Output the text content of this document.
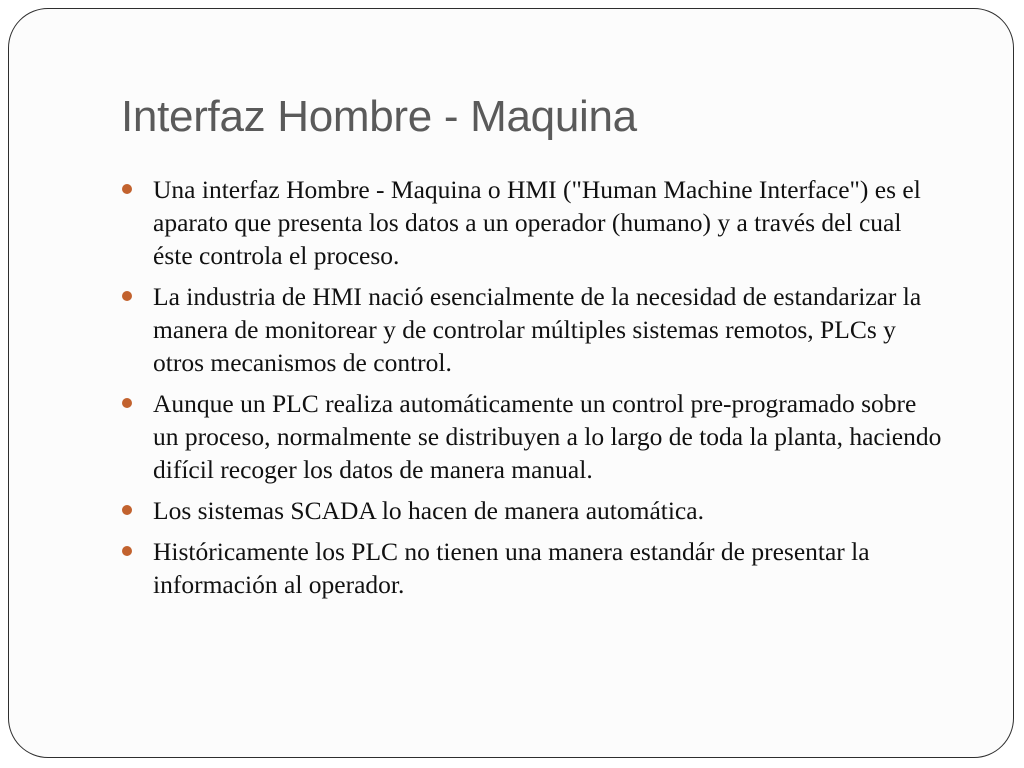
Interfaz Hombre - Maquina
Una interfaz Hombre - Maquina o HMI ("Human Machine Interface") es el aparato que presenta los datos a un operador (humano) y a través del cual éste controla el proceso.
La industria de HMI nació esencialmente de la necesidad de estandarizar la manera de monitorear y de controlar múltiples sistemas remotos, PLCs y otros mecanismos de control.
Aunque un PLC realiza automáticamente un control pre-programado sobre un proceso, normalmente se distribuyen a lo largo de toda la planta, haciendo difícil recoger los datos de manera manual.
Los sistemas SCADA lo hacen de manera automática.
Históricamente los PLC no tienen una manera estandár de presentar la información al operador.
